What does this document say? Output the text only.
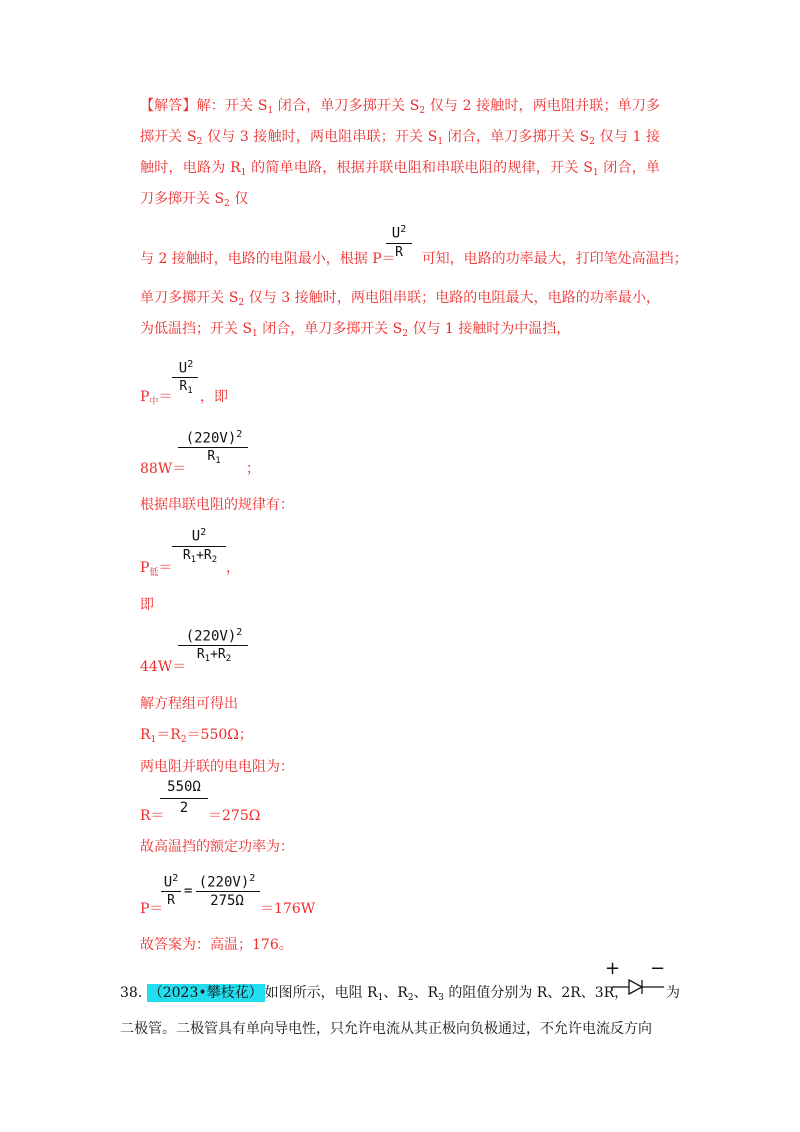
【解答】解：开关 $S_1$ 闭合，单刀多掷开关 $S_2$ 仅与 2 接触时，两电阻并联；单刀多掷开关 $S_2$ 仅与 3 接触时，两电阻串联；开关 $S_1$ 闭合，单刀多掷开关 $S_2$ 仅与 1 接触时，电路为 $R_1$ 的简单电路，根据并联电阻和串联电阻的规律，开关 $S_1$ 闭合，单刀多掷开关 $S_2$ 仅
与 2 接触时，电路的电阻最小，根据 P＝ 可知，电路的功率最大，打印笔处高温挡；
$U^2$
R
单刀多掷开关 $S_2$ 仅与 3 接触时，两电阻串联；电路的电阻最大，电路的功率最小，为低温挡；开关 $S_1$ 闭合，单刀多掷开关 $S_2$ 仅与 1 接触时为中温挡，
$P_中=$
$U^2$
$R_1$ ，即
88W＝
$(220V)^2$
$R_1$	；
根据串联电阻的规律有：
$P_低=$
$U^2$
$R_1+R_2$ ，
即
44W＝
$(220V)^2$
$R_1+R_2$
解方程组可得出
$R_1=R_2=550\Omega$；
两电阻并联的电电阻为：
R＝
550Ω
2	＝275Ω
故高温挡的额定功率为：
P＝
$U^2$
R
=
$(220V)^2$
275Ω	＝176W
故答案为：高温；176。
38. （2023•攀枝花） 如图所示，电阻 $R_1$、$R_2$、$R_3$ 的阻值分别为 R、2R、3R，
+ −
为
二极管。二极管具有单向导电性，只允许电流从其正极向负极通过，不允许电流反方向
